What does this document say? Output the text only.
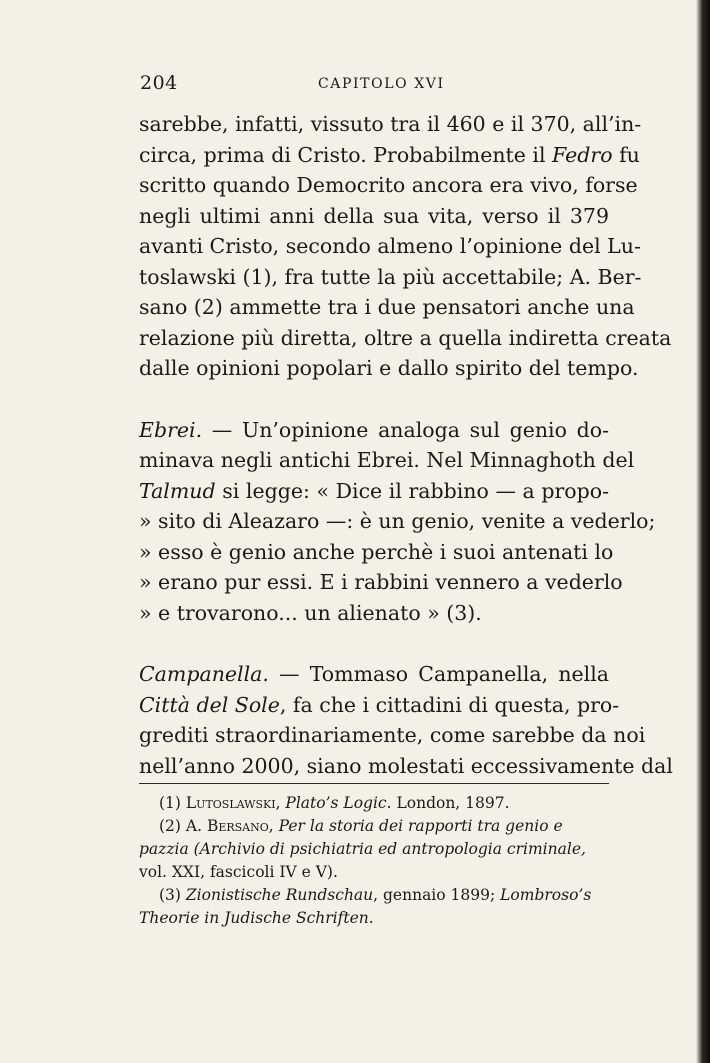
204	CAPITOLO XVI
sarebbe, infatti, vissuto tra il 460 e il 370, all’in-
circa, prima di Cristo. Probabilmente il Fedro fu
scritto quando Democrito ancora era vivo, forse
negli ultimi anni della sua vita, verso il 379
avanti Cristo, secondo almeno l’opinione del Lu-
toslawski (1), fra tutte la più accettabile; A. Ber-
sano (2) ammette tra i due pensatori anche una
relazione più diretta, oltre a quella indiretta creata
dalle opinioni popolari e dallo spirito del tempo.
Ebrei. — Un’opinione analoga sul genio do-
minava negli antichi Ebrei. Nel Minnaghoth del
Talmud si legge: « Dice il rabbino — a propo-
» sito di Aleazaro —: è un genio, venite a vederlo;
» esso è genio anche perchè i suoi antenati lo
» erano pur essi. E i rabbini vennero a vederlo
» e trovarono... un alienato » (3).
Campanella. — Tommaso Campanella, nella
Città del Sole, fa che i cittadini di questa, pro-
grediti straordinariamente, come sarebbe da noi
nell’anno 2000, siano molestati eccessivamente dal
(1) Lutoslawski, Plato’s Logic. London, 1897.
(2) A. Bersano, Per la storia dei rapporti tra genio e
pazzia (Archivio di psichiatria ed antropologia criminale,
vol. XXI, fascicoli IV e V).
(3) Zionistische Rundschau, gennaio 1899; Lombroso’s
Theorie in Judische Schriften.
